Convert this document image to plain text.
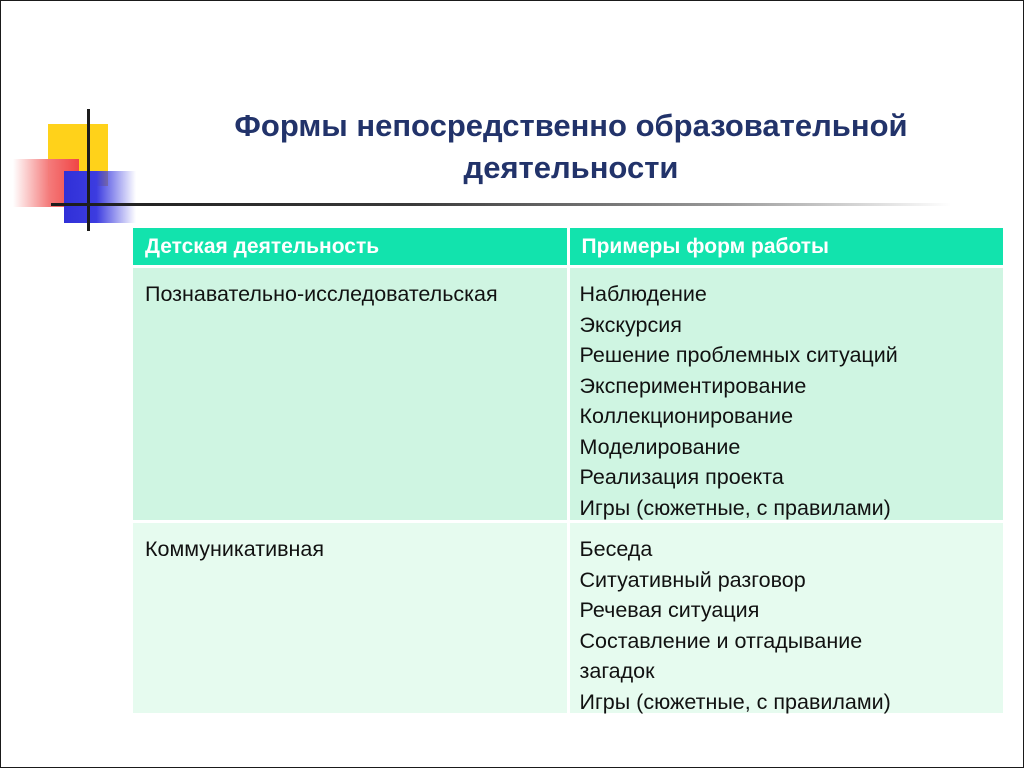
Формы непосредственно образовательной
деятельности
Детская деятельность	Примеры форм работы
Познавательно-исследовательская	Наблюдение
Экскурсия
Решение проблемных ситуаций
Экспериментирование
Коллекционирование
Моделирование
Реализация проекта
Игры (сюжетные, с правилами)
Коммуникативная	Беседа
Ситуативный разговор
Речевая ситуация
Составление и отгадывание
загадок
Игры (сюжетные, с правилами)
